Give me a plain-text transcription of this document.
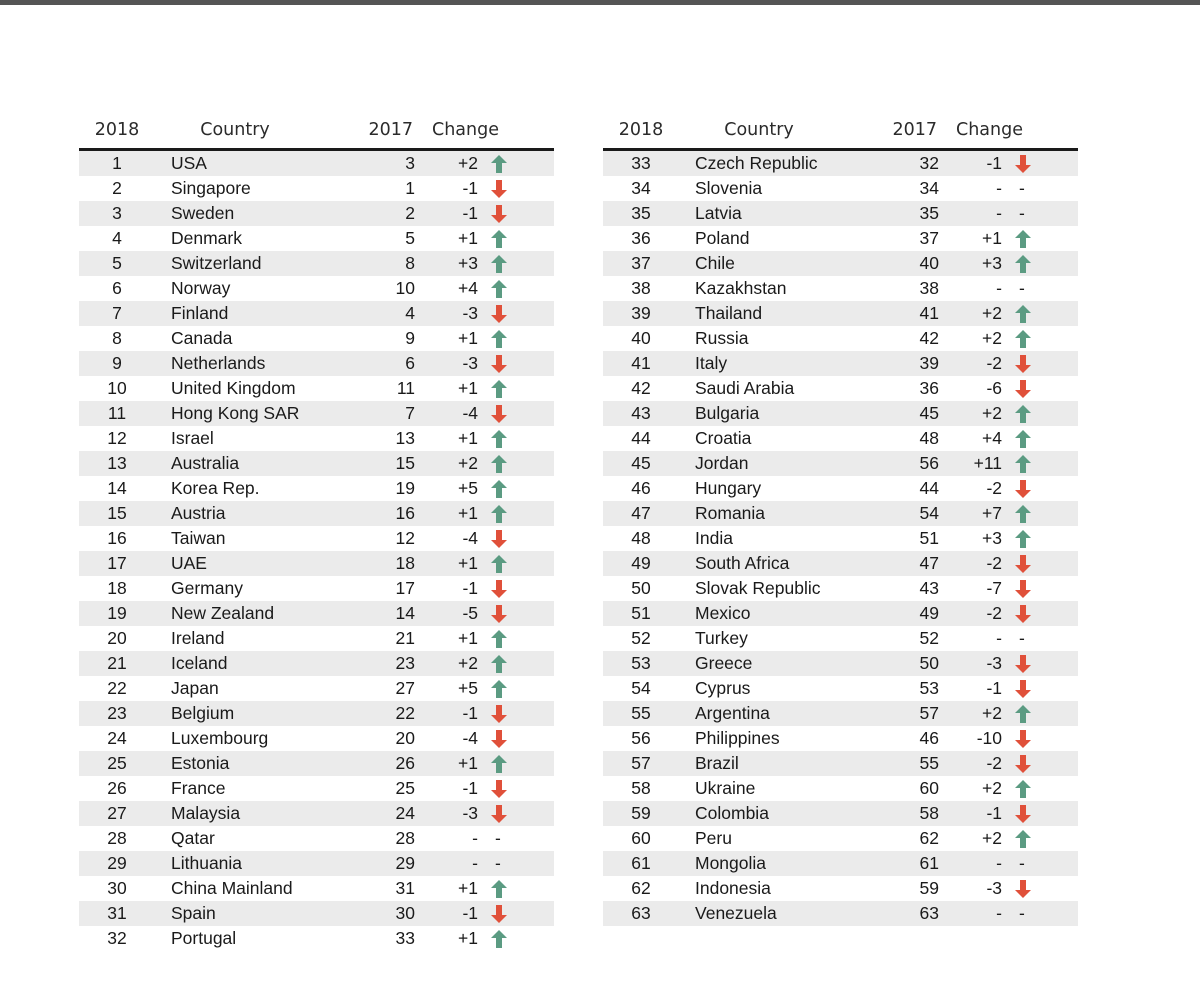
2018	Country	2017	Change
1	USA	3	+2
2	Singapore	1	-1
3	Sweden	2	-1
4	Denmark	5	+1
5	Switzerland	8	+3
6	Norway	10	+4
7	Finland	4	-3
8	Canada	9	+1
9	Netherlands	6	-3
10	United Kingdom	11	+1
11	Hong Kong SAR	7	-4
12	Israel	13	+1
13	Australia	15	+2
14	Korea Rep.	19	+5
15	Austria	16	+1
16	Taiwan	12	-4
17	UAE	18	+1
18	Germany	17	-1
19	New Zealand	14	-5
20	Ireland	21	+1
21	Iceland	23	+2
22	Japan	27	+5
23	Belgium	22	-1
24	Luxembourg	20	-4
25	Estonia	26	+1
26	France	25	-1
27	Malaysia	24	-3
28	Qatar	28	- -
29	Lithuania	29	- -
30	China Mainland	31	+1
31	Spain	30	-1
32	Portugal	33	+1
2018	Country	2017	Change
33	Czech Republic	32	-1
34	Slovenia	34	- -
35	Latvia	35	- -
36	Poland	37	+1
37	Chile	40	+3
38	Kazakhstan	38	- -
39	Thailand	41	+2
40	Russia	42	+2
41	Italy	39	-2
42	Saudi Arabia	36	-6
43	Bulgaria	45	+2
44	Croatia	48	+4
45	Jordan	56	+11
46	Hungary	44	-2
47	Romania	54	+7
48	India	51	+3
49	South Africa	47	-2
50	Slovak Republic	43	-7
51	Mexico	49	-2
52	Turkey	52	- -
53	Greece	50	-3
54	Cyprus	53	-1
55	Argentina	57	+2
56	Philippines	46	-10
57	Brazil	55	-2
58	Ukraine	60	+2
59	Colombia	58	-1
60	Peru	62	+2
61	Mongolia	61	- -
62	Indonesia	59	-3
63	Venezuela	63	- -
